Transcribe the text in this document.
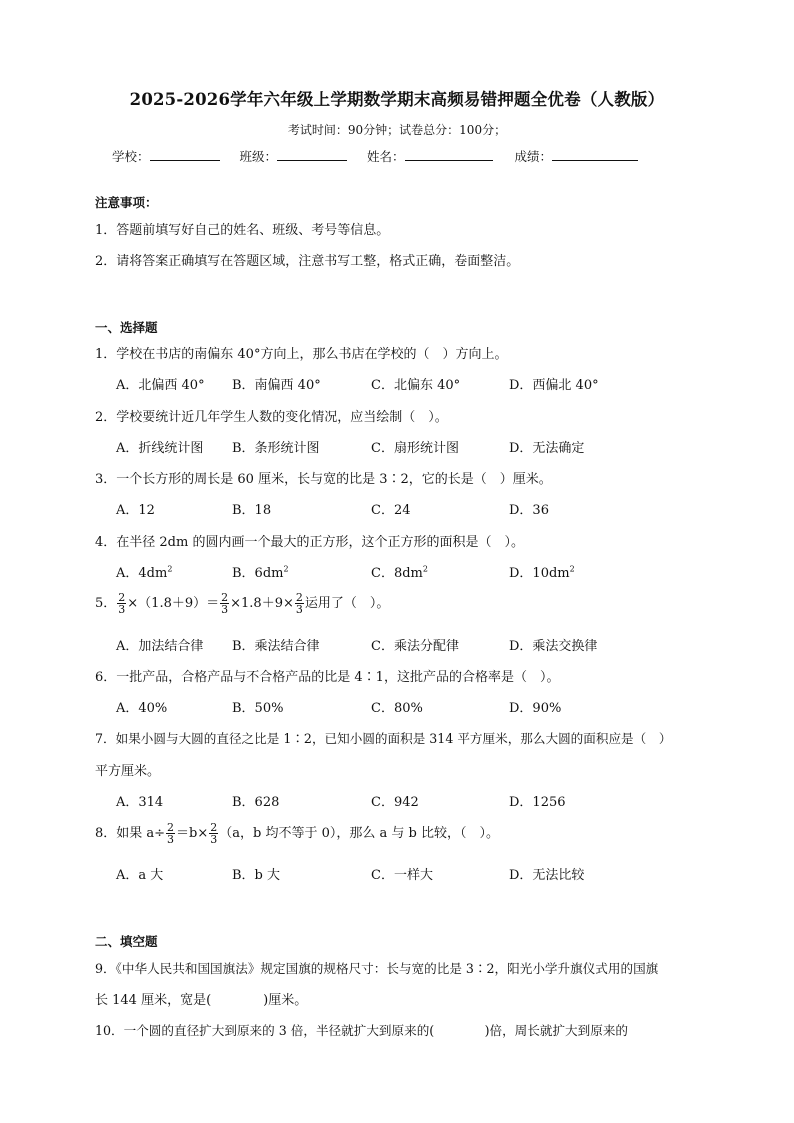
2025-2026学年六年级上学期数学期末高频易错押题全优卷（人教版）
考试时间：90分钟；试卷总分：100分；
学校：	班级：	姓名：	成绩：
注意事项：
1．答题前填写好自己的姓名、班级、考号等信息。
2．请将答案正确填写在答题区域，注意书写工整，格式正确，卷面整洁。
一、选择题
1．学校在书店的南偏东 40°方向上，那么书店在学校的（　）方向上。
A．北偏西 40° B．南偏西 40°	C．北偏东 40°	D．西偏北 40°
2．学校要统计近几年学生人数的变化情况，应当绘制（　）。
A．折线统计图 B．条形统计图	C．扇形统计图	D．无法确定
3．一个长方形的周长是 60 厘米，长与宽的比是 3∶2，它的长是（　）厘米。
A．12	B．18	C．24	D．36
4．在半径 2dm 的圆内画一个最大的正方形，这个正方形的面积是（　）。
A．$4dm^2$	B．$6dm^2$	C．$8dm^2$	D．$10dm^2$
5． $\frac{2}{3} \times(1.8+9)= \frac{2}{3} \times 1.8+9\times \frac{2}{3}$ 运用了（　）。
A．加法结合律 B．乘法结合律	C．乘法分配律	D．乘法交换律
6．一批产品，合格产品与不合格产品的比是 4∶1，这批产品的合格率是（　）。
A．40%	B．50%	C．80%	D．90%
7．如果小圆与大圆的直径之比是 1∶2，已知小圆的面积是 314 平方厘米，那么大圆的面积应是（　）
平方厘米。
A．314	B．628	C．942	D．1256
8．如果 $a\div \frac{2}{3} =b\times \frac{2}{3} (a$，b 均不等于 0），那么 a 与 b 比较，（　）。
A．a 大	B．b 大	C．一样大	D．无法比较
二、填空题
9．《中华人民共和国国旗法》规定国旗的规格尺寸：长与宽的比是 3∶2，阳光小学升旗仪式用的国旗
长 144 厘米，宽是(　　　　)厘米。
10．一个圆的直径扩大到原来的 3 倍，半径就扩大到原来的(　　　　)倍，周长就扩大到原来的
